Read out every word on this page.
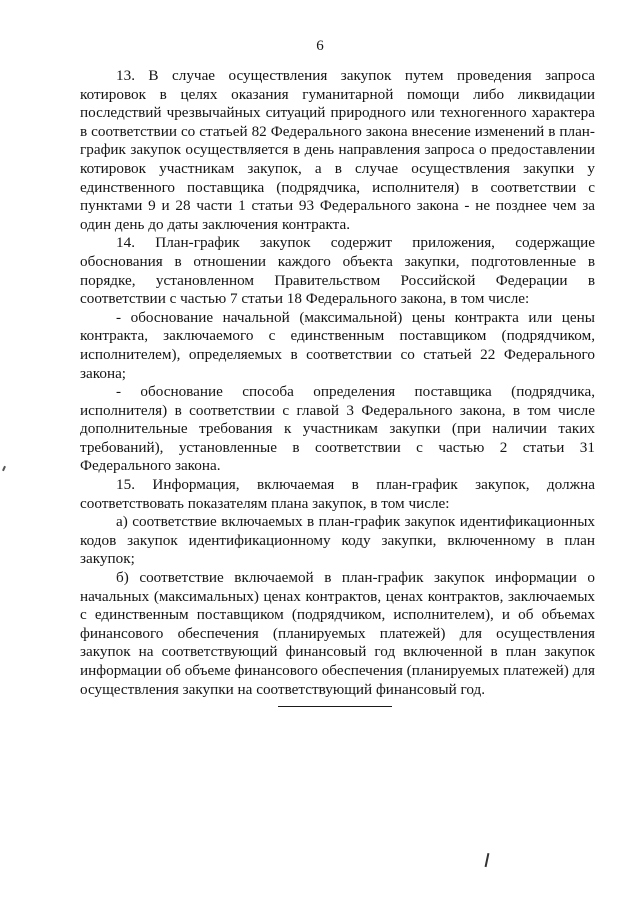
6

13. В случае осуществления закупок путем проведения запроса котировок в целях оказания гуманитарной помощи либо ликвидации последствий чрезвычайных ситуаций природного или техногенного характера в соответствии со статьей 82 Федерального закона внесение изменений в план-график закупок осуществляется в день направления запроса о предоставлении котировок участникам закупок, а в случае осуществления закупки у единственного поставщика (подрядчика, исполнителя) в соответствии с пунктами 9 и 28 части 1 статьи 93 Федерального закона - не позднее чем за один день до даты заключения контракта.

14. План-график закупок содержит приложения, содержащие обоснования в отношении каждого объекта закупки, подготовленные в порядке, установленном Правительством Российской Федерации в соответствии с частью 7 статьи 18 Федерального закона, в том числе:

- обоснование начальной (максимальной) цены контракта или цены контракта, заключаемого с единственным поставщиком (подрядчиком, исполнителем), определяемых в соответствии со статьей 22 Федерального закона;

- обоснование способа определения поставщика (подрядчика, исполнителя) в соответствии с главой 3 Федерального закона, в том числе дополнительные требования к участникам закупки (при наличии таких требований), установленные в соответствии с частью 2 статьи 31 Федерального закона.

15. Информация, включаемая в план-график закупок, должна соответствовать показателям плана закупок, в том числе:

а) соответствие включаемых в план-график закупок идентификационных кодов закупок идентификационному коду закупки, включенному в план закупок;

б) соответствие включаемой в план-график закупок информации о начальных (максимальных) ценах контрактов, ценах контрактов, заключаемых с единственным поставщиком (подрядчиком, исполнителем), и об объемах финансового обеспечения (планируемых платежей) для осуществления закупок на соответствующий финансовый год включенной в план закупок информации об объеме финансового обеспечения (планируемых платежей) для осуществления закупки на соответствующий финансовый год.
